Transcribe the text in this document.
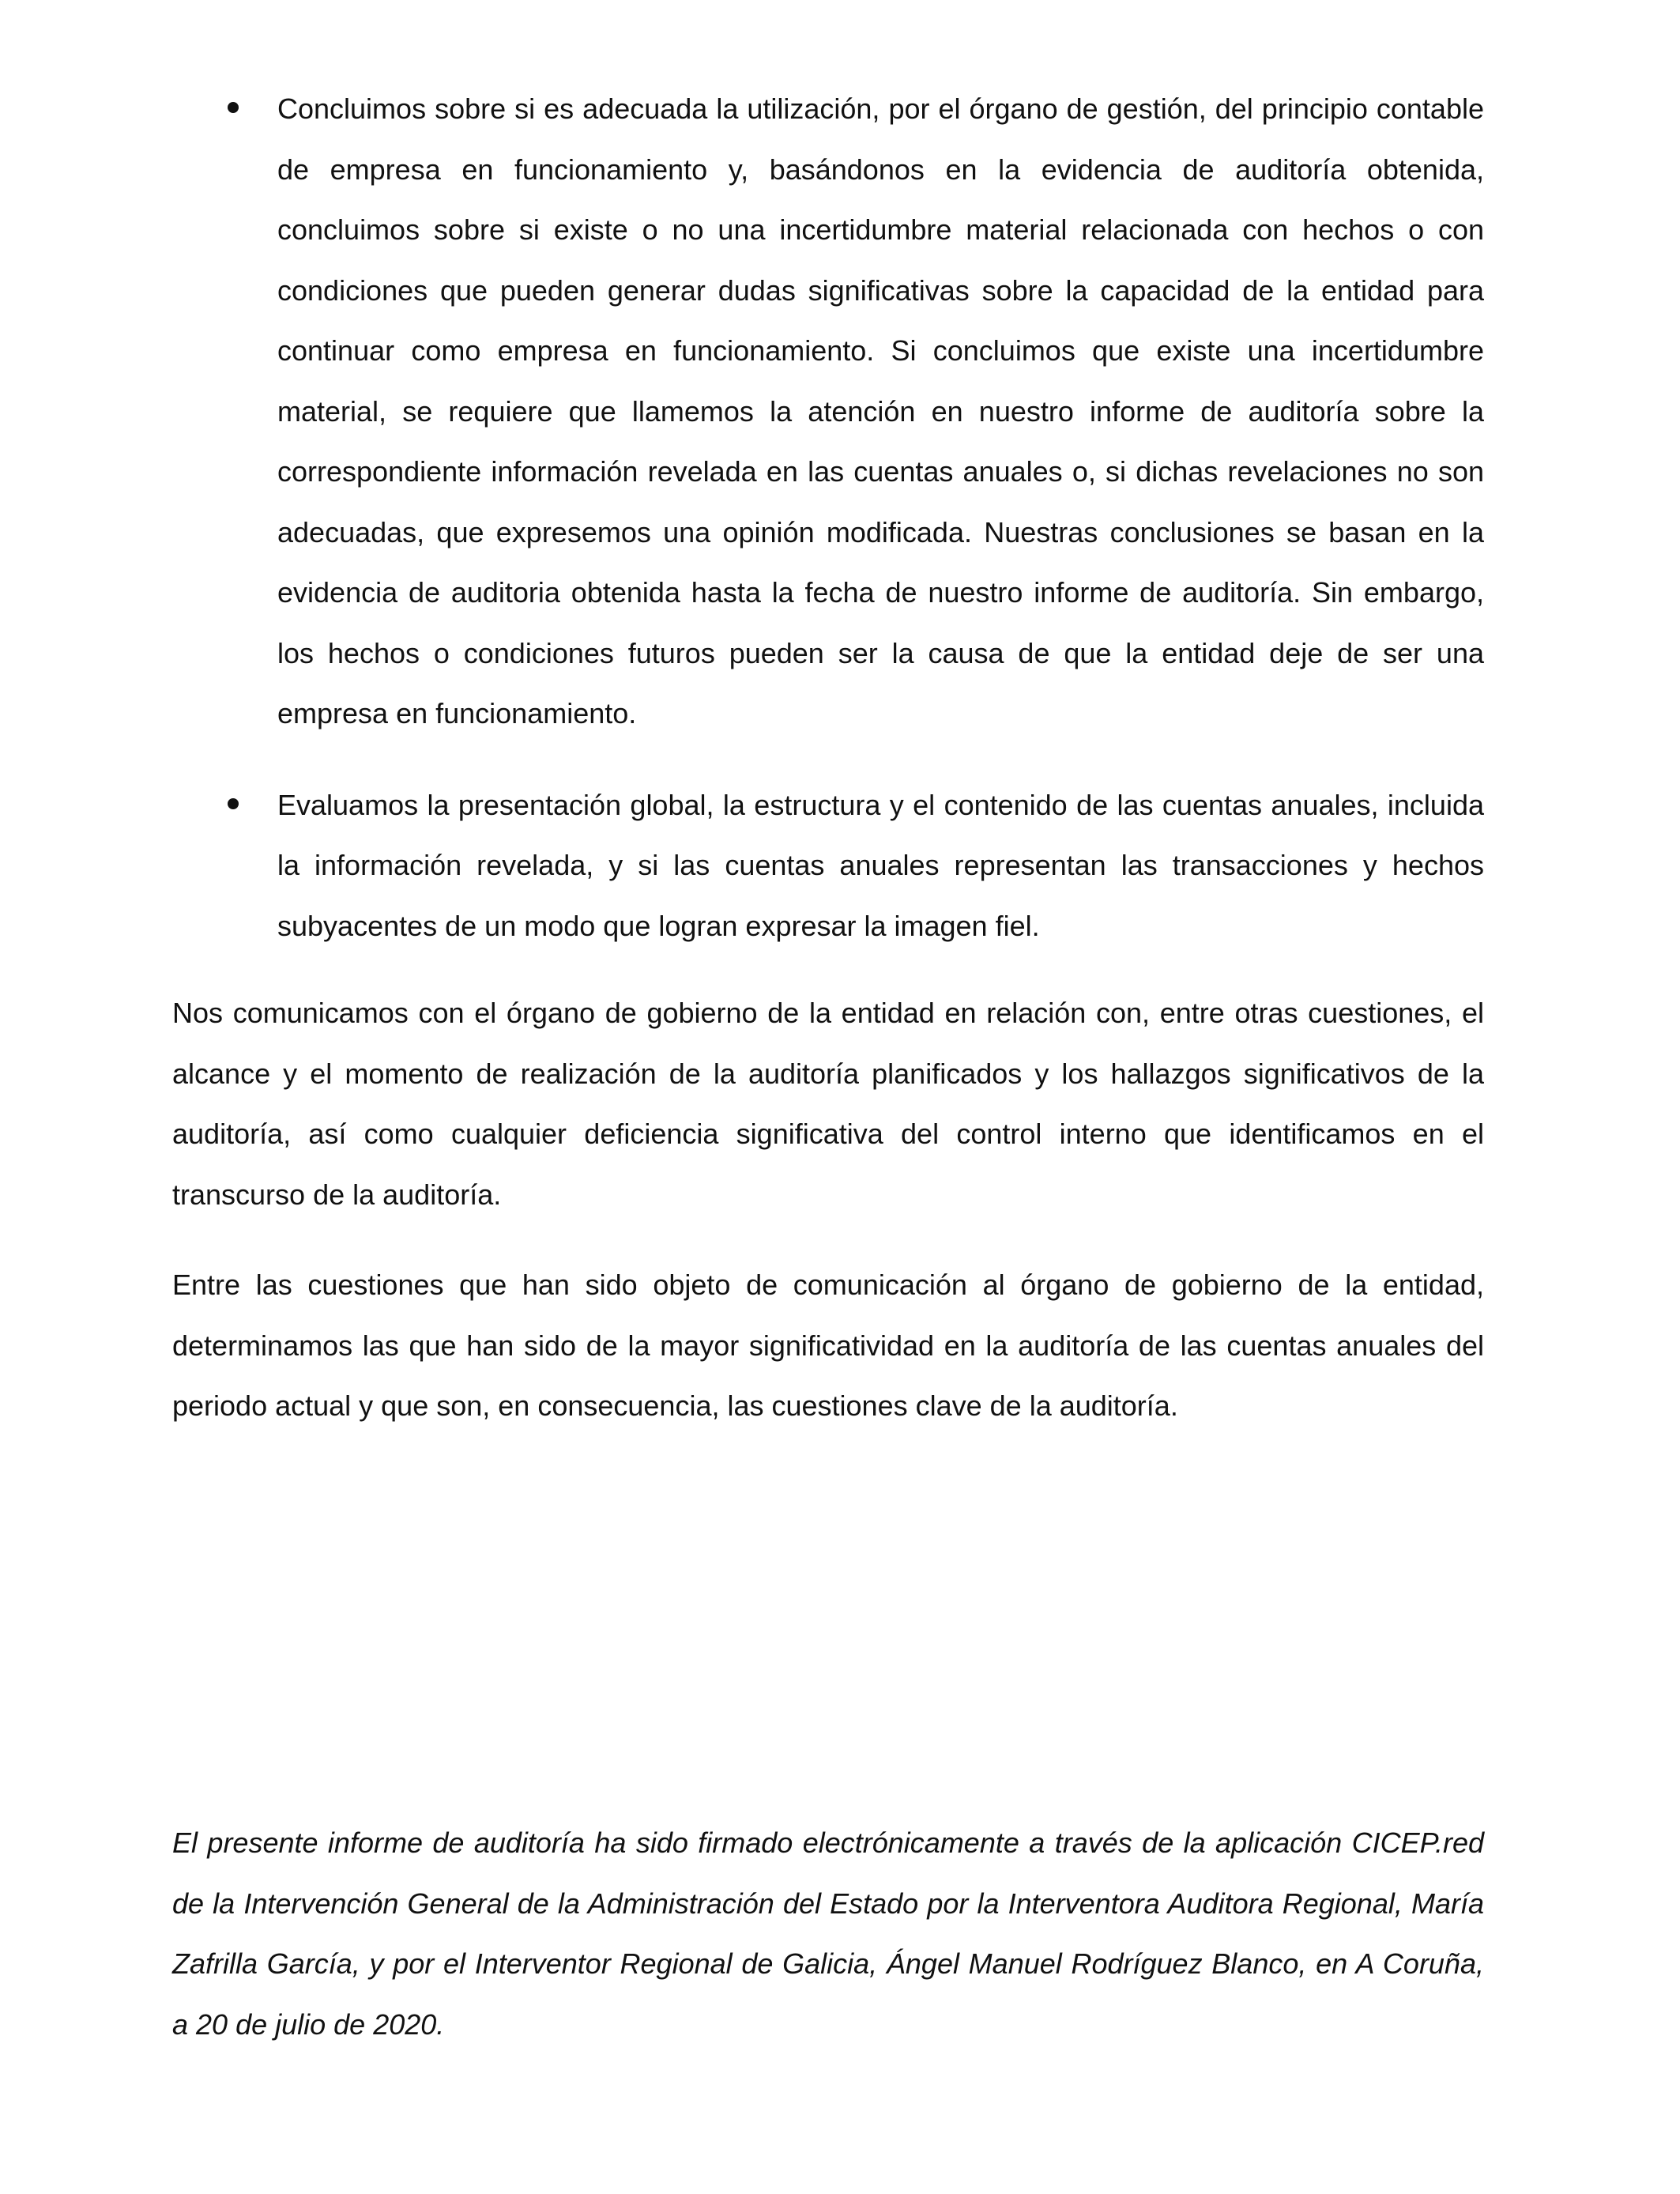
Concluimos sobre si es adecuada la utilización, por el órgano de gestión, del principio contable de empresa en funcionamiento y, basándonos en la evidencia de auditoría obtenida, concluimos sobre si existe o no una incertidumbre material relacionada con hechos o con condiciones que pueden generar dudas significativas sobre la capacidad de la entidad para continuar como empresa en funcionamiento. Si concluimos que existe una incertidumbre material, se requiere que llamemos la atención en nuestro informe de auditoría sobre la correspondiente información revelada en las cuentas anuales o, si dichas revelaciones no son adecuadas, que expresemos una opinión modificada. Nuestras conclusiones se basan en la evidencia de auditoria obtenida hasta la fecha de nuestro informe de auditoría. Sin embargo, los hechos o condiciones futuros pueden ser la causa de que la entidad deje de ser una empresa en funcionamiento.
Evaluamos la presentación global, la estructura y el contenido de las cuentas anuales, incluida la información revelada, y si las cuentas anuales representan las transacciones y hechos subyacentes de un modo que logran expresar la imagen fiel.

Nos comunicamos con el órgano de gobierno de la entidad en relación con, entre otras cuestiones, el alcance y el momento de realización de la auditoría planificados y los hallazgos significativos de la auditoría, así como cualquier deficiencia significativa del control interno que identificamos en el transcurso de la auditoría.

Entre las cuestiones que han sido objeto de comunicación al órgano de gobierno de la entidad, determinamos las que han sido de la mayor significatividad en la auditoría de las cuentas anuales del periodo actual y que son, en consecuencia, las cuestiones clave de la auditoría.

El presente informe de auditoría ha sido firmado electrónicamente a través de la aplicación CICEP.red de la Intervención General de la Administración del Estado por la Interventora Auditora Regional, María Zafrilla García, y por el Interventor Regional de Galicia, Ángel Manuel Rodríguez Blanco, en A Coruña, a 20 de julio de 2020.
